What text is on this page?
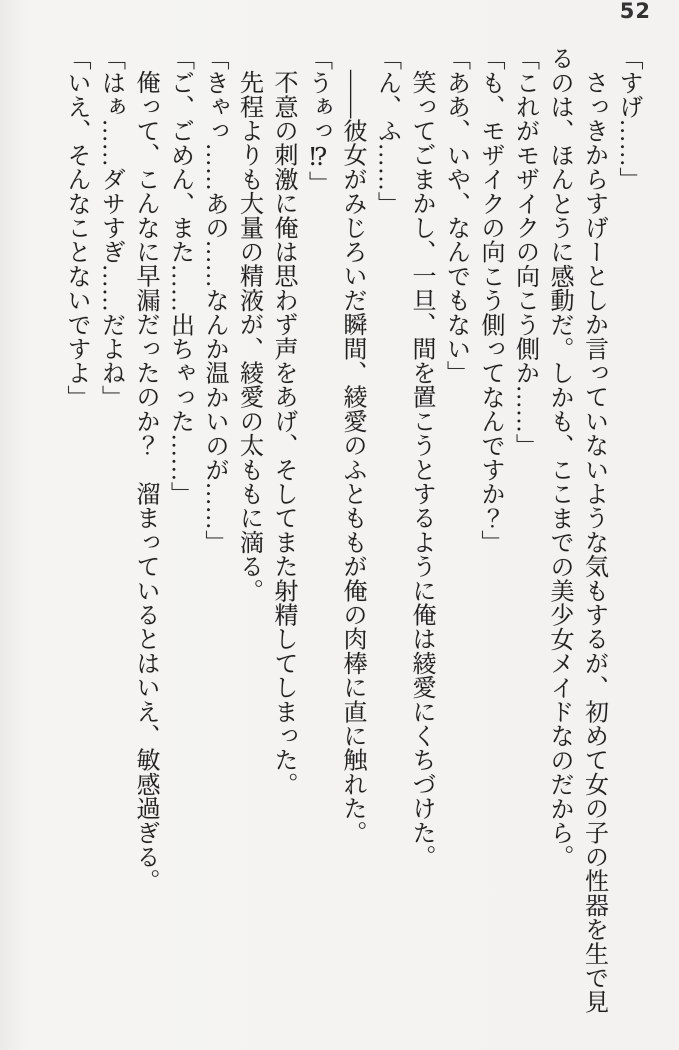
52

「すげ……」

さっきからすげーとしか言っていないような気もするが、初めて女の子の性器を生で見

るのは、ほんとうに感動だ。しかも、ここまでの美少女メイドなのだから。

「これがモザイクの向こう側か……」

「も、モザイクの向こう側ってなんですか？」

「ああ、いや、なんでもない」

笑ってごまかし、一旦、間を置こうとするように俺は綾愛にくちづけた。

「ん、ふ……」

――彼女がみじろいだ瞬間、綾愛のふとももが俺の肉棒に直に触れた。

「うぁっ⁉」

不意の刺激に俺は思わず声をあげ、そしてまた射精してしまった。

先程よりも大量の精液が、綾愛の太ももに滴る。

「きゃっ……あの……なんか温かいのが……」

「ご、ごめん、また……出ちゃった……」

俺って、こんなに早漏だったのか？　溜まっているとはいえ、敏感過ぎる。

「はぁ……ダサすぎ……だよね」

「いえ、そんなことないですよ」
